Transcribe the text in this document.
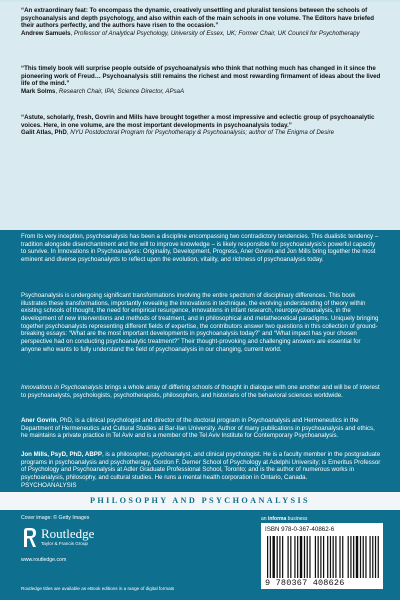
“An extraordinary feat: To encompass the dynamic, creatively unsettling and pluralist tensions between the schools of psychoanalysis and depth psychology, and also within each of the main schools in one volume. The Editors have briefed their authors perfectly, and the authors have risen to the occasion.”
Andrew Samuels, Professor of Analytical Psychology, University of Essex, UK; Former Chair, UK Council for Psychotherapy
“This timely book will surprise people outside of psychoanalysis who think that nothing much has changed in it since the pioneering work of Freud… Psychoanalysis still remains the richest and most rewarding firmament of ideas about the lived life of the mind.”
Mark Solms, Research Chair, IPA; Science Director, APsaA
“Astute, scholarly, fresh, Govrin and Mills have brought together a most impressive and eclectic group of psychoanalytic voices. Here, in one volume, are the most important developments in psychoanalysis today.”
Galit Atlas, PhD, NYU Postdoctoral Program for Psychotherapy & Psychoanalysis; author of The Enigma of Desire
From its very inception, psychoanalysis has been a discipline encompassing two contradictory tendencies. This dualistic tendency – tradition alongside disenchantment and the will to improve knowledge – is likely responsible for psychoanalysis’s powerful capacity to survive. In Innovations in Psychoanalysis: Originality, Development, Progress, Aner Govrin and Jon Mills bring together the most eminent and diverse psychoanalysts to reflect upon the evolution, vitality, and richness of psychoanalysis today.
Psychoanalysis is undergoing significant transformations involving the entire spectrum of disciplinary differences. This book illustrates these transformations, importantly revealing the innovations in technique, the evolving understanding of theory within existing schools of thought, the need for empirical resurgence, innovations in infant research, neuropsychoanalysis, in the development of new interventions and methods of treatment, and in philosophical and metatheoretical paradigms. Uniquely bringing together psychoanalysts representing different fields of expertise, the contributors answer two questions in this collection of ground-breaking essays: “What are the most important developments in psychoanalysis today?” and “What impact has your chosen perspective had on conducting psychoanalytic treatment?” Their thought-provoking and challenging answers are essential for anyone who wants to fully understand the field of psychoanalysis in our changing, current world.
Innovations in Psychoanalysis brings a whole array of differing schools of thought in dialogue with one another and will be of interest to psychoanalysts, psychologists, psychotherapists, philosophers, and historians of the behavioral sciences worldwide.
Aner Govrin, PhD, is a clinical psychologist and director of the doctoral program in Psychoanalysis and Hermeneutics in the Department of Hermeneutics and Cultural Studies at Bar-Ilan University. Author of many publications in psychoanalysis and ethics, he maintains a private practice in Tel Aviv and is a member of the Tel Aviv Institute for Contemporary Psychoanalysis.
Jon Mills, PsyD, PhD, ABPP, is a philosopher, psychoanalyst, and clinical psychologist. He is a faculty member in the postgraduate programs in psychoanalysis and psychotherapy, Gordon F. Derner School of Psychology at Adelphi University; is Emeritus Professor of Psychology and Psychoanalysis at Adler Graduate Professional School, Toronto; and is the author of numerous works in psychoanalysis, philosophy, and cultural studies. He runs a mental health corporation in Ontario, Canada.
PSYCHOANALYSIS
PHILOSOPHY AND PSYCHOANALYSIS
Cover image: © Getty Images
Routledge
Taylor & Francis Group
www.routledge.com
Routledge titles are available as eBook editions in a range of digital formats
an informa business
ISBN 978-0-367-40862-6
9 780367 408626
